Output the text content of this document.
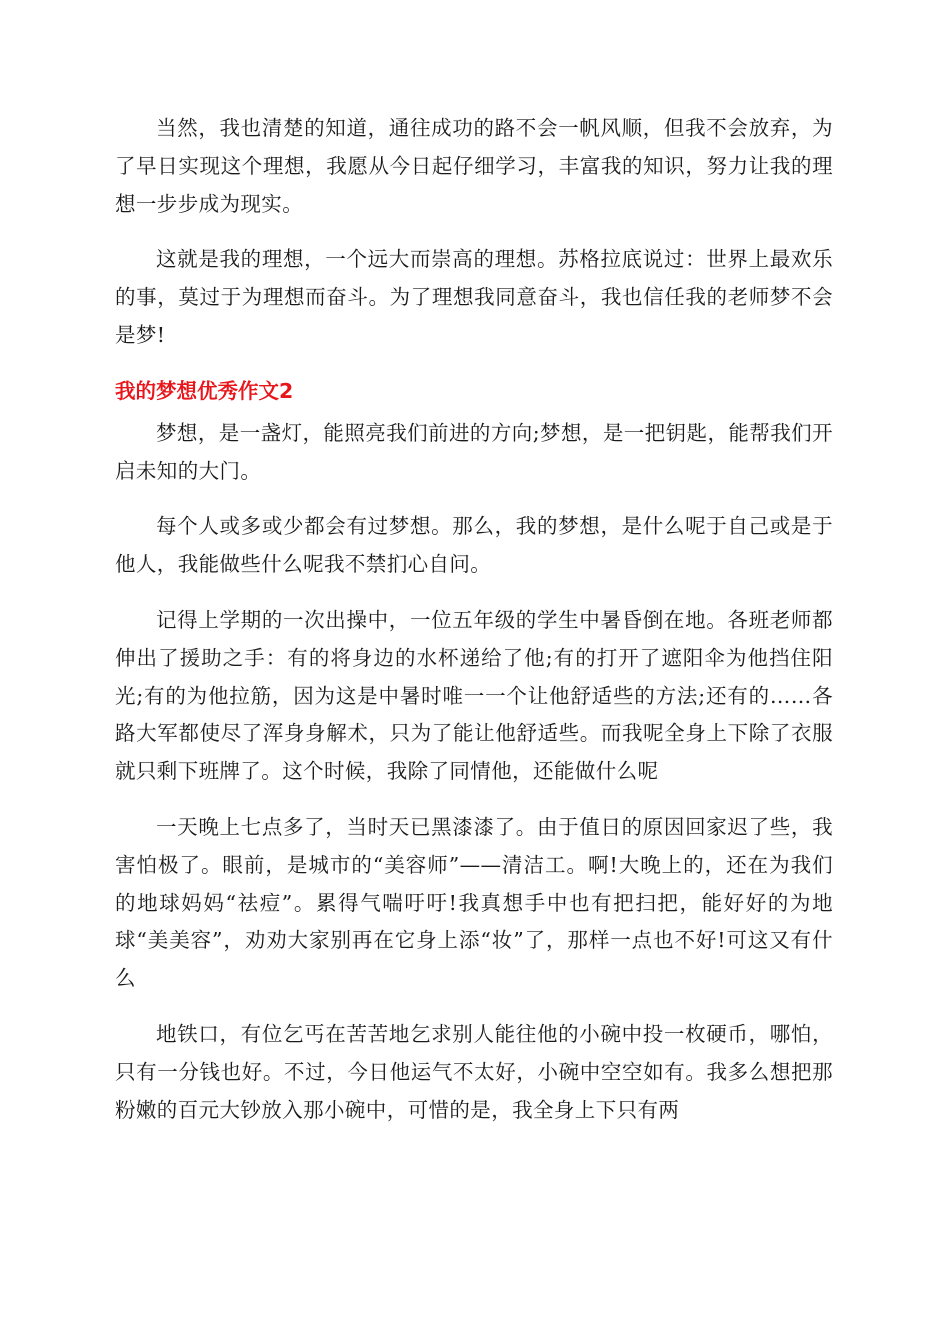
当然，我也清楚的知道，通往成功的路不会一帆风顺，但我不会放弃，为了早日实现这个理想，我愿从今日起仔细学习，丰富我的知识，努力让我的理想一步步成为现实。

这就是我的理想，一个远大而崇高的理想。苏格拉底说过：世界上最欢乐的事，莫过于为理想而奋斗。为了理想我同意奋斗，我也信任我的老师梦不会是梦!

我的梦想优秀作文2

梦想，是一盏灯，能照亮我们前进的方向;梦想，是一把钥匙，能帮我们开启未知的大门。

每个人或多或少都会有过梦想。那么，我的梦想，是什么呢于自己或是于他人，我能做些什么呢我不禁扪心自问。

记得上学期的一次出操中，一位五年级的学生中暑昏倒在地。各班老师都伸出了援助之手：有的将身边的水杯递给了他;有的打开了遮阳伞为他挡住阳光;有的为他拉筋，因为这是中暑时唯一一个让他舒适些的方法;还有的……各路大军都使尽了浑身身解术，只为了能让他舒适些。而我呢全身上下除了衣服就只剩下班牌了。这个时候，我除了同情他，还能做什么呢

一天晚上七点多了，当时天已黑漆漆了。由于值日的原因回家迟了些，我害怕极了。眼前，是城市的“美容师”——清洁工。啊!大晚上的，还在为我们的地球妈妈“祛痘”。累得气喘吁吁!我真想手中也有把扫把，能好好的为地球“美美容”，劝劝大家别再在它身上添“妆”了，那样一点也不好!可这又有什么

地铁口，有位乞丐在苦苦地乞求别人能往他的小碗中投一枚硬币，哪怕，只有一分钱也好。不过，今日他运气不太好，小碗中空空如有。我多么想把那粉嫩的百元大钞放入那小碗中，可惜的是，我全身上下只有两
